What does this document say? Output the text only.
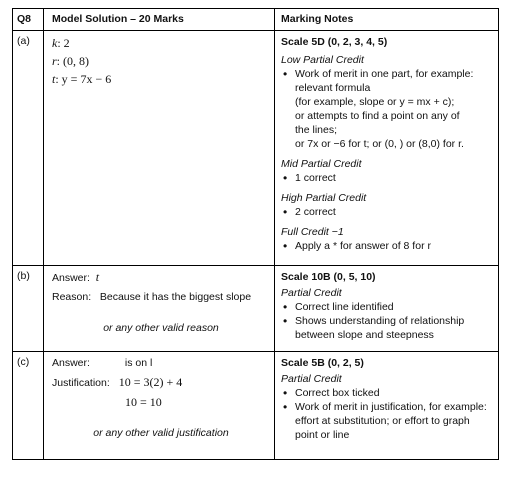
Q8 Model Solution – 20 Marks	Marking Notes
(a) k: 2
r: (0, 8)
t: y = 7x − 6
Scale 5D (0, 2, 3, 4, 5)
Low Partial Credit
• Work of merit in one part, for example:
relevant formula
(for example, slope or y = mx + c);
or attempts to find a point on any of
the lines;
or 7x or −6 for t; or (0, ) or (8,0) for r.
Mid Partial Credit
• 1 correct
High Partial Credit
• 2 correct
Full Credit −1
• Apply a * for answer of 8 for r
(b) Answer: t
Reason: Because it has the biggest slope
or any other valid reason
Scale 10B (0, 5, 10)
Partial Credit
• Correct line identified
• Shows understanding of relationship between slope and steepness
(c) Answer:	is on l
Justification: 10 = 3(2) + 4
10 = 10
or any other valid justification
Scale 5B (0, 2, 5)
Partial Credit
• Correct box ticked
• Work of merit in justification, for example: effort at substitution; or effort to graph point or line
